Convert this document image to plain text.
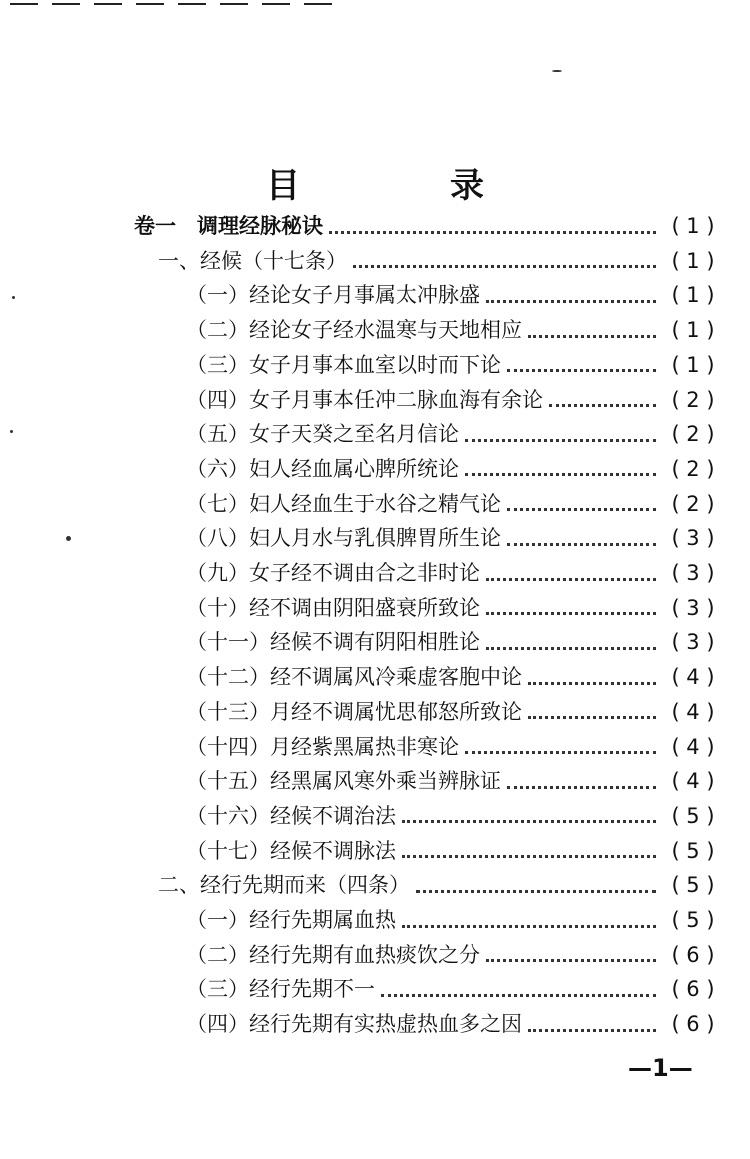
目　录
卷一　调理经脉秘诀	( 1 )
一、经候（十七条）	( 1 )
（一）经论女子月事属太冲脉盛	( 1 )
（二）经论女子经水温寒与天地相应	( 1 )
（三）女子月事本血室以时而下论	( 1 )
（四）女子月事本任冲二脉血海有余论	( 2 )
（五）女子天癸之至名月信论	( 2 )
（六）妇人经血属心脾所统论	( 2 )
（七）妇人经血生于水谷之精气论	( 2 )
（八）妇人月水与乳俱脾胃所生论	( 3 )
（九）女子经不调由合之非时论	( 3 )
（十）经不调由阴阳盛衰所致论	( 3 )
（十一）经候不调有阴阳相胜论	( 3 )
（十二）经不调属风冷乘虚客胞中论	( 4 )
（十三）月经不调属忧思郁怒所致论	( 4 )
（十四）月经紫黑属热非寒论	( 4 )
（十五）经黑属风寒外乘当辨脉证	( 4 )
（十六）经候不调治法	( 5 )
（十七）经候不调脉法	( 5 )
二、经行先期而来（四条）	( 5 )
（一）经行先期属血热	( 5 )
（二）经行先期有血热痰饮之分	( 6 )
（三）经行先期不一	( 6 )
（四）经行先期有实热虚热血多之因	( 6 )
—1—
